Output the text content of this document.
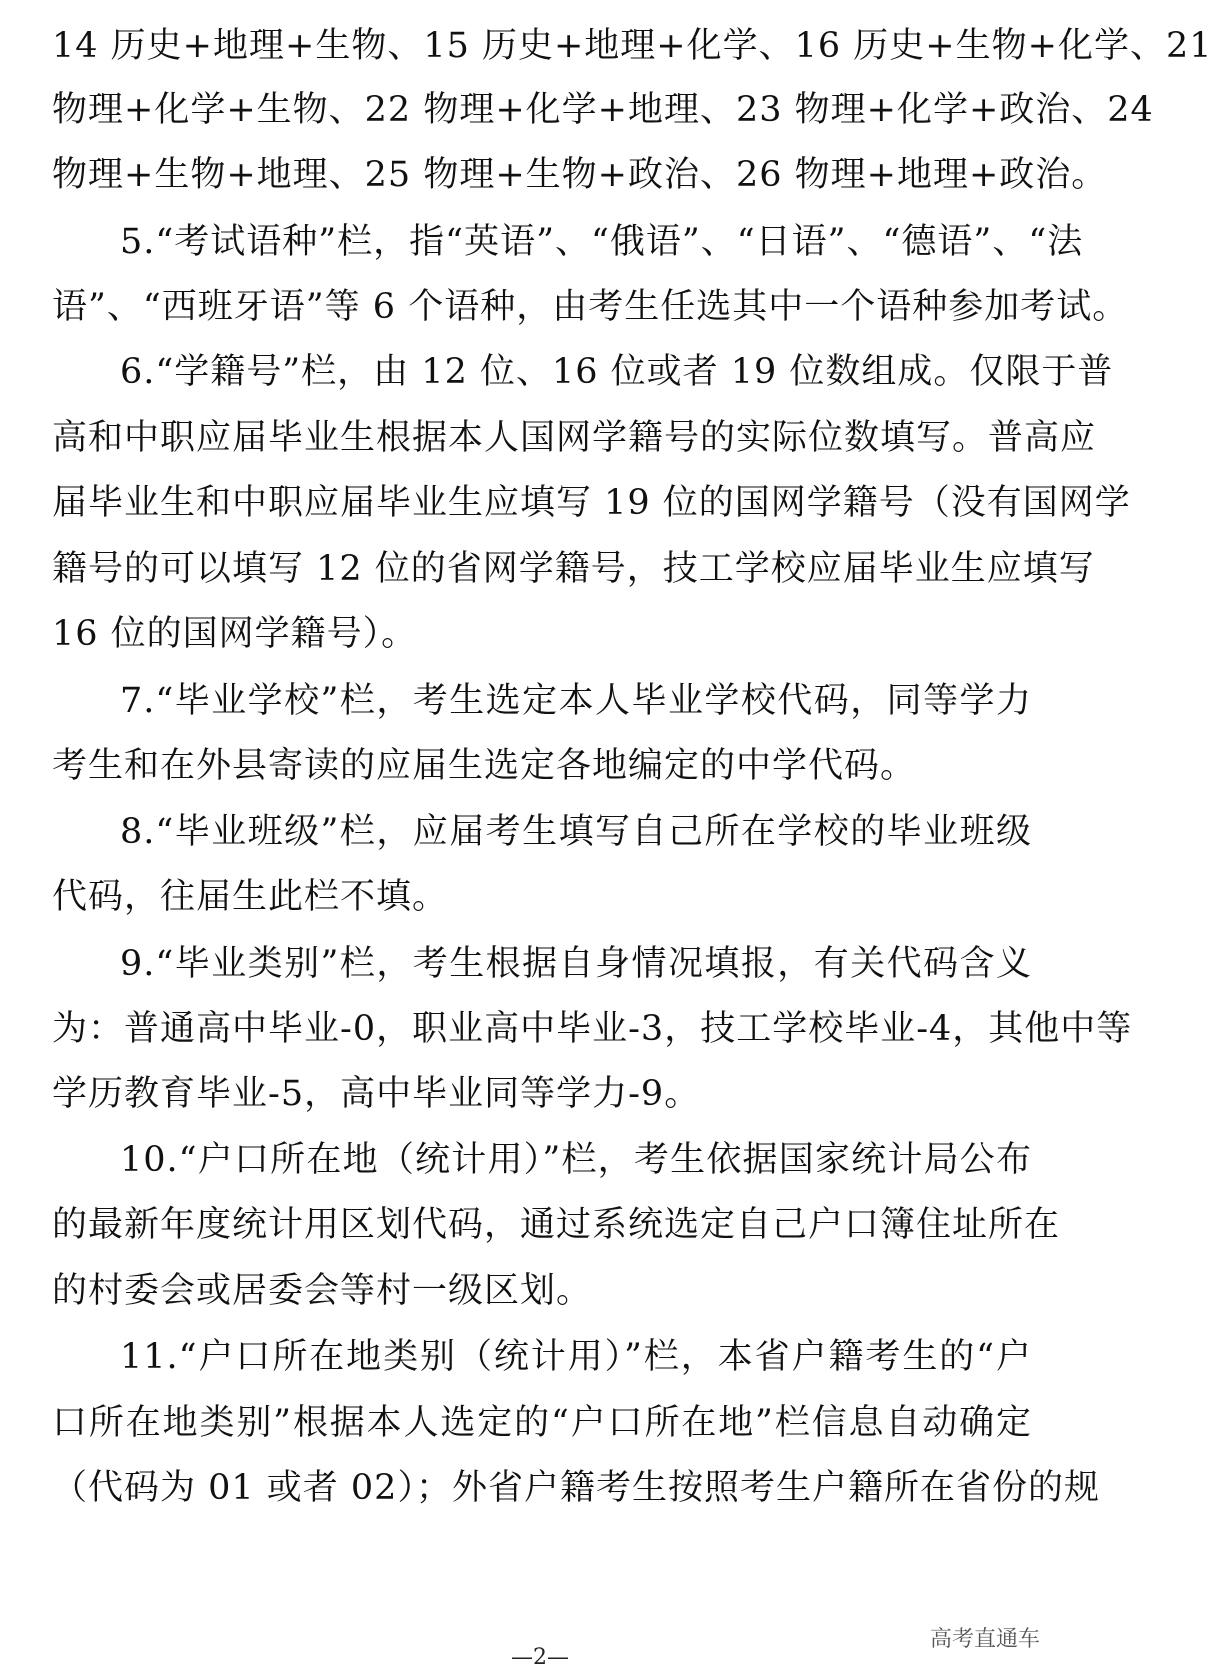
14 历史+地理+生物、15 历史+地理+化学、16 历史+生物+化学、21
物理+化学+生物、22 物理+化学+地理、23 物理+化学+政治、24
物理+生物+地理、25 物理+生物+政治、26 物理+地理+政治。
5.“考试语种”栏，指“英语”、“俄语”、“日语”、“德语”、“法
语”、“西班牙语”等 6 个语种，由考生任选其中一个语种参加考试。
6.“学籍号”栏，由 12 位、16 位或者 19 位数组成。仅限于普
高和中职应届毕业生根据本人国网学籍号的实际位数填写。普高应
届毕业生和中职应届毕业生应填写 19 位的国网学籍号（没有国网学
籍号的可以填写 12 位的省网学籍号，技工学校应届毕业生应填写
16 位的国网学籍号）。
7.“毕业学校”栏，考生选定本人毕业学校代码，同等学力
考生和在外县寄读的应届生选定各地编定的中学代码。
8.“毕业班级”栏，应届考生填写自己所在学校的毕业班级
代码，往届生此栏不填。
9.“毕业类别”栏，考生根据自身情况填报，有关代码含义
为：普通高中毕业-0，职业高中毕业-3，技工学校毕业-4，其他中等
学历教育毕业-5，高中毕业同等学力-9。
10.“户口所在地（统计用）”栏，考生依据国家统计局公布
的最新年度统计用区划代码，通过系统选定自己户口簿住址所在
的村委会或居委会等村一级区划。
11.“户口所在地类别（统计用）”栏，本省户籍考生的“户
口所在地类别”根据本人选定的“户口所在地”栏信息自动确定
（代码为 01 或者 02）；外省户籍考生按照考生户籍所在省份的规
高考直通车
—2—
